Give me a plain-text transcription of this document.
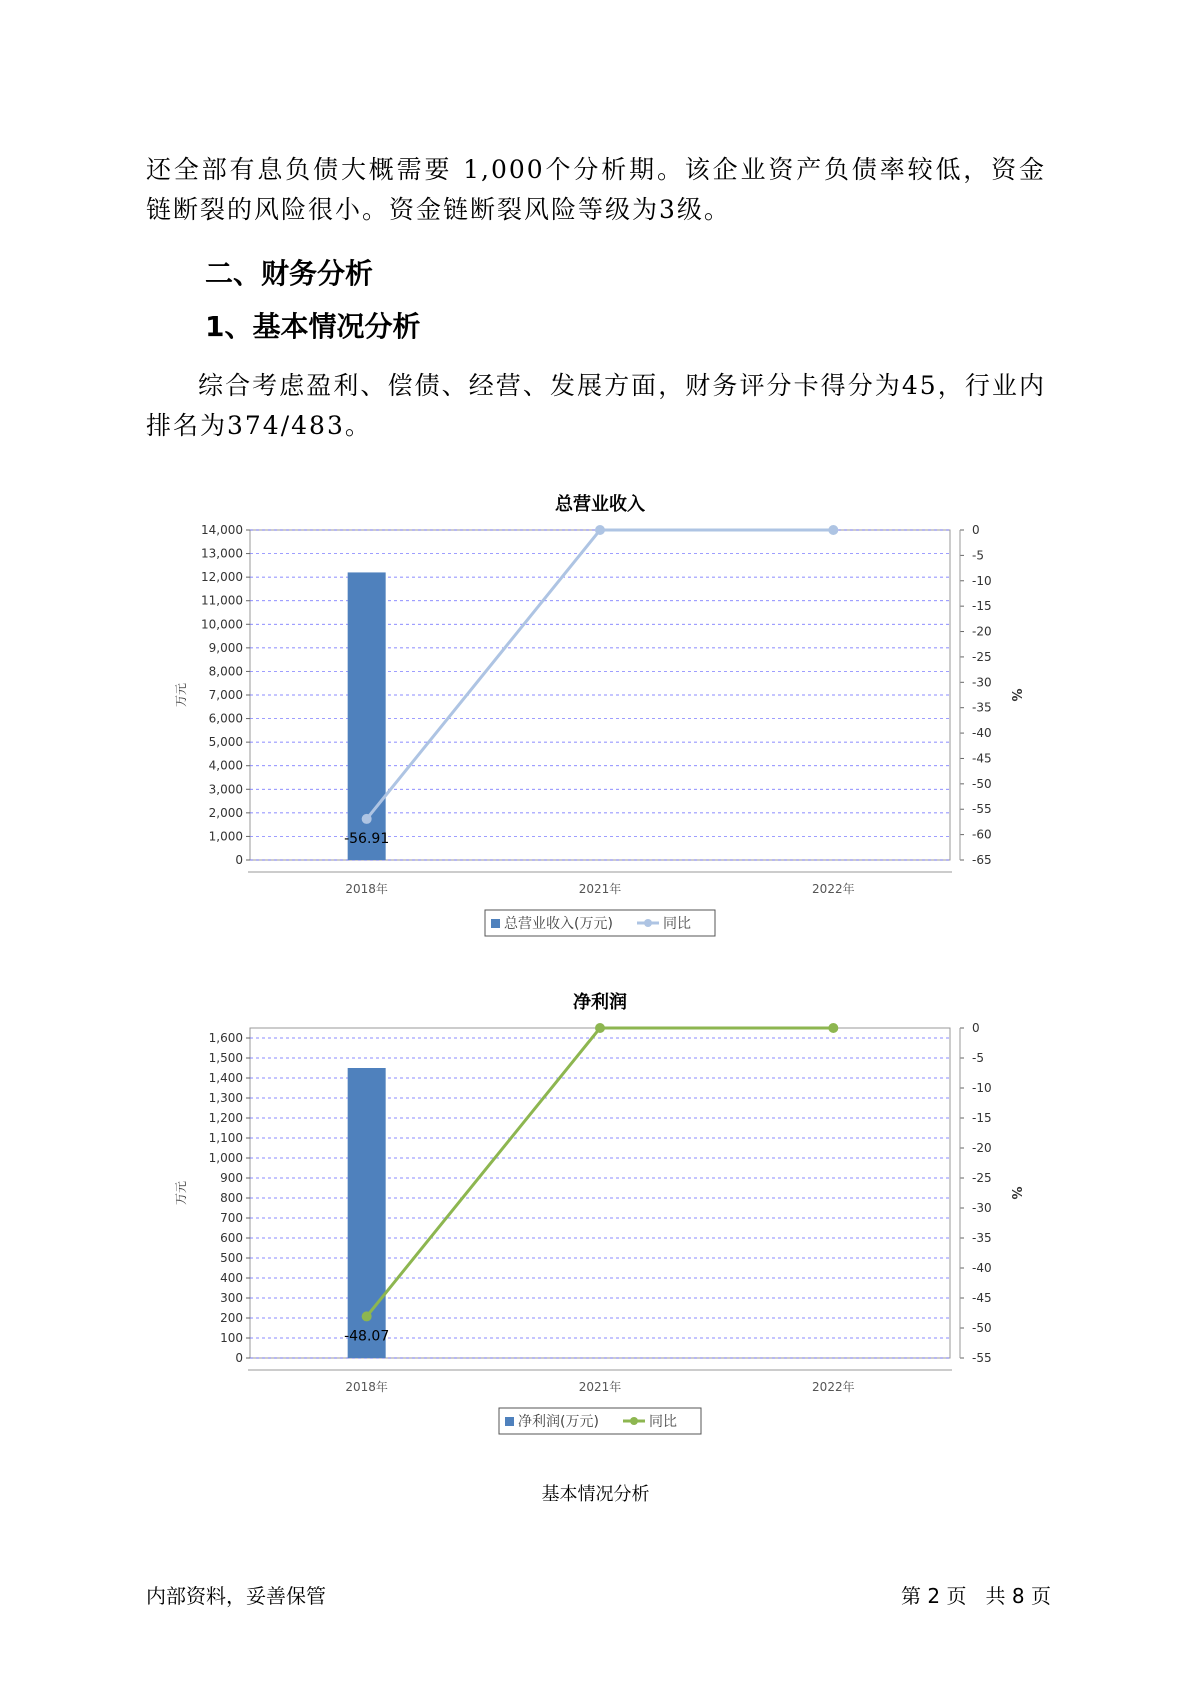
还全部有息负债大概需要 1,000个分析期。该企业资产负债率较低，资金链断裂的风险很小。资金链断裂风险等级为3级。
二、财务分析
1、基本情况分析
综合考虑盈利、偿债、经营、发展方面，财务评分卡得分为45，行业内排名为374/483。
总营业收入
0
1,000
2,000
3,000
4,000
5,000
6,000
7,000
8,000
9,000
10,000
11,000
12,000
13,000
14,000	0
-5
-10
-15
-20
-25
-30
-35
-40
-45
-50
-55
-60
-65
万元	%
2018年	2021年	2022年
-56.91
总营业收入(万元)	同比
净利润
0
100
200
300
400
500
600
700
800
900
1,000
1,100
1,200
1,300
1,400
1,500
1,600
0
-5
-10
-15
-20
-25
-30
-35
-40
-45
-50
-55
万元	%
2018年	2021年	2022年
-48.07
净利润(万元)	同比
基本情况分析
内部资料，妥善保管	第 2 页   共 8 页
